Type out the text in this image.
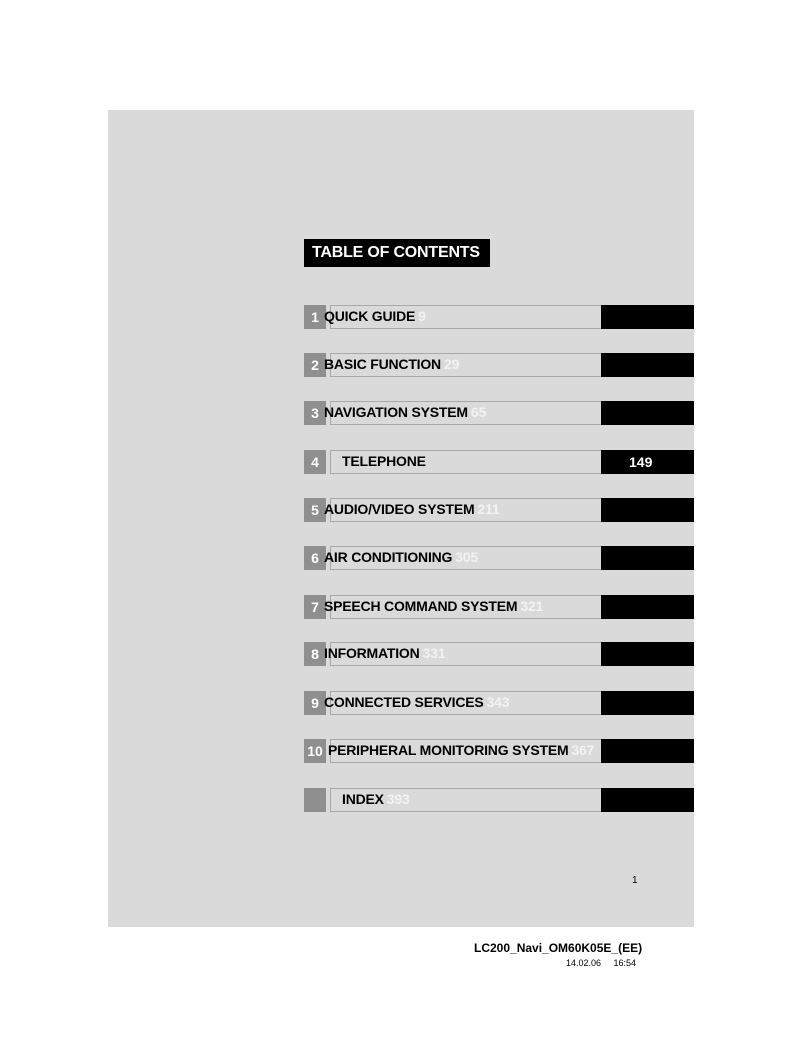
TABLE OF CONTENTS
1 QUICK GUIDE 9
2 BASIC FUNCTION 29
3 NAVIGATION SYSTEM 65
4	TELEPHONE	149
5 AUDIO/VIDEO SYSTEM 211
6 AIR CONDITIONING 305
7 SPEECH COMMAND SYSTEM 321
8 INFORMATION 331
9 CONNECTED SERVICES 343
10 PERIPHERAL MONITORING SYSTEM 367
INDEX 393
1
LC200_Navi_OM60K05E_(EE)
14.02.06 16:54
